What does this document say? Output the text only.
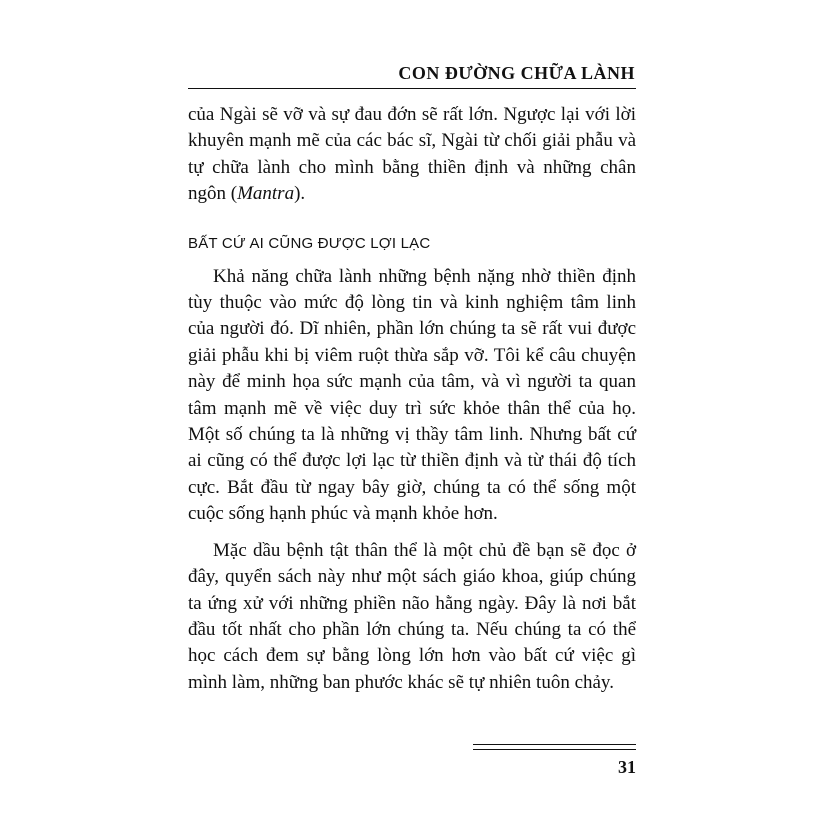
CON ĐƯỜNG CHỮA LÀNH

của Ngài sẽ vỡ và sự đau đớn sẽ rất lớn. Ngược lại với lời khuyên mạnh mẽ của các bác sĩ, Ngài từ chối giải phẫu và tự chữa lành cho mình bằng thiền định và những chân ngôn (Mantra).

BẤT CỨ AI CŨNG ĐƯỢC LỢI LẠC

Khả năng chữa lành những bệnh nặng nhờ thiền định tùy thuộc vào mức độ lòng tin và kinh nghiệm tâm linh của người đó. Dĩ nhiên, phần lớn chúng ta sẽ rất vui được giải phẫu khi bị viêm ruột thừa sắp vỡ. Tôi kể câu chuyện này để minh họa sức mạnh của tâm, và vì người ta quan tâm mạnh mẽ về việc duy trì sức khỏe thân thể của họ. Một số chúng ta là những vị thầy tâm linh. Nhưng bất cứ ai cũng có thể được lợi lạc từ thiền định và từ thái độ tích cực. Bắt đầu từ ngay bây giờ, chúng ta có thể sống một cuộc sống hạnh phúc và mạnh khỏe hơn.

Mặc dầu bệnh tật thân thể là một chủ đề bạn sẽ đọc ở đây, quyển sách này như một sách giáo khoa, giúp chúng ta ứng xử với những phiền não hằng ngày. Đây là nơi bắt đầu tốt nhất cho phần lớn chúng ta. Nếu chúng ta có thể học cách đem sự bằng lòng lớn hơn vào bất cứ việc gì mình làm, những ban phước khác sẽ tự nhiên tuôn chảy.

31
